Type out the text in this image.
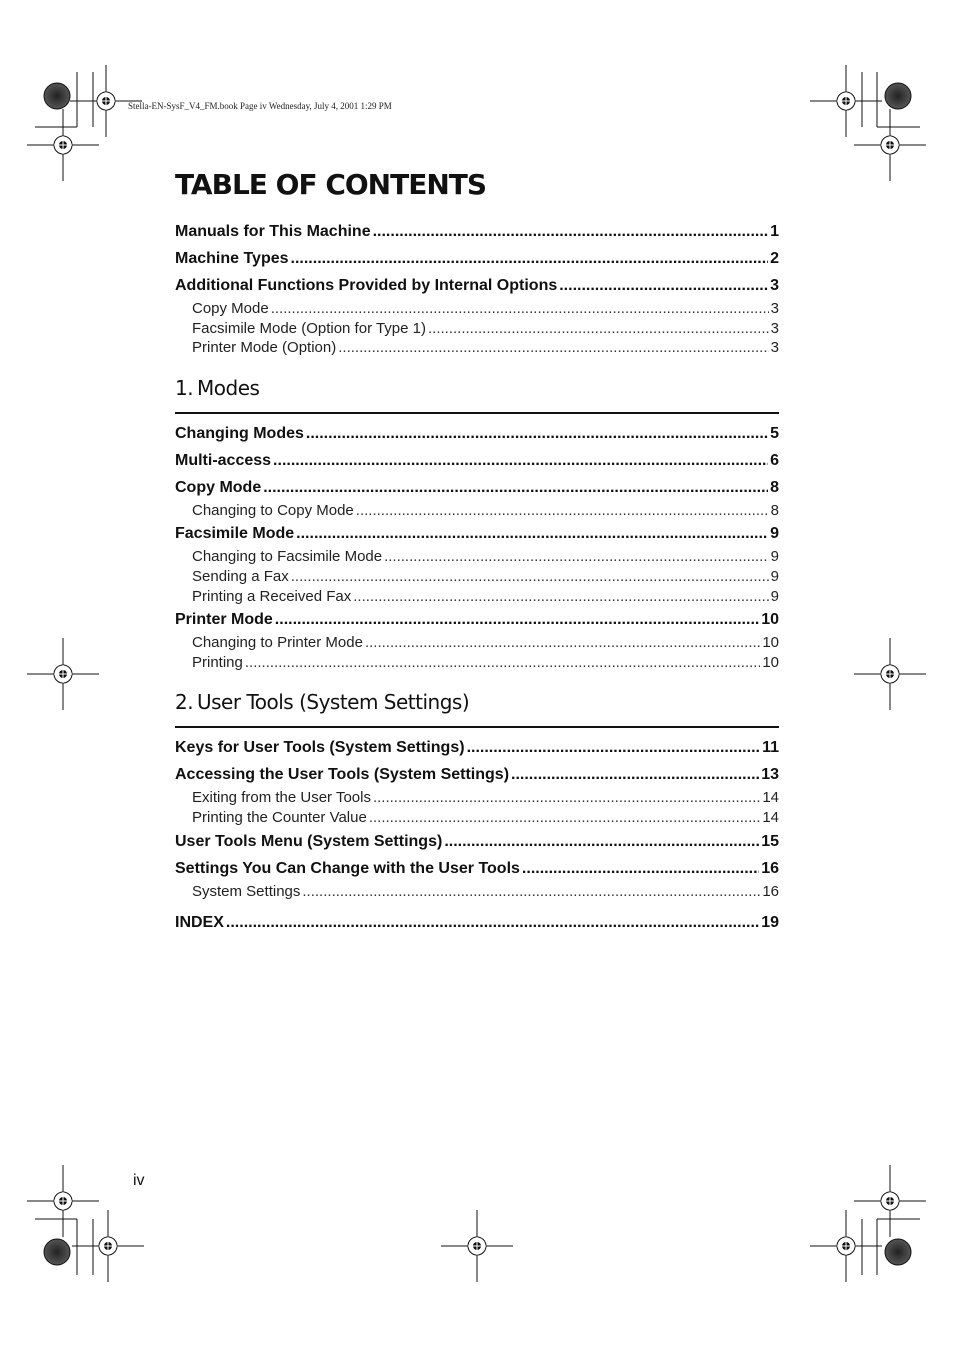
Stella-EN-SysF_V4_FM.book Page iv Wednesday, July 4, 2001 1:29 PM
TABLE OF CONTENTS
Manuals for This Machine .....	1
Machine Types .....	2
Additional Functions Provided by Internal Options .....	3
Copy Mode .....	3
Facsimile Mode (Option for Type 1) .....	3
Printer Mode (Option) .....	3
1. Modes
Changing Modes .....	5
Multi-access .....	6
Copy Mode .....	8
Changing to Copy Mode .....	8
Facsimile Mode .....	9
Changing to Facsimile Mode .....	9
Sending a Fax .....	9
Printing a Received Fax .....	9
Printer Mode .....	10
Changing to Printer Mode .....	10
Printing .....	10
2. User Tools (System Settings)
Keys for User Tools (System Settings) .....	11
Accessing the User Tools (System Settings) .....	13
Exiting from the User Tools .....	14
Printing the Counter Value .....	14
User Tools Menu (System Settings) .....	15
Settings You Can Change with the User Tools .....	16
System Settings .....	16
INDEX .....	19
iv
